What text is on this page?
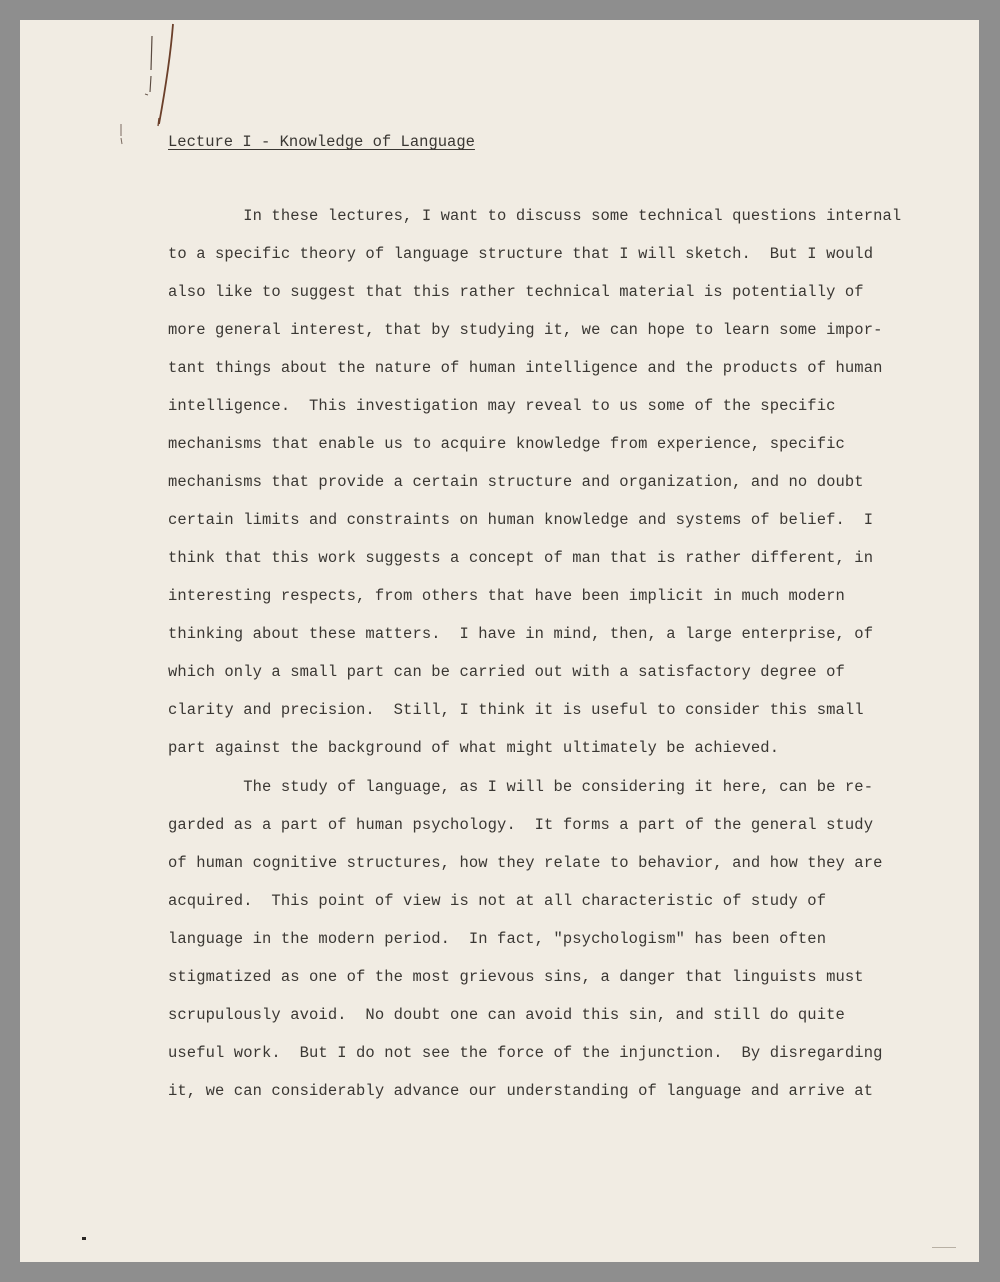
Lecture I - Knowledge of Language

In these lectures, I want to discuss some technical questions internal

to a specific theory of language structure that I will sketch.  But I would

also like to suggest that this rather technical material is potentially of

more general interest, that by studying it, we can hope to learn some impor-

tant things about the nature of human intelligence and the products of human

intelligence.  This investigation may reveal to us some of the specific

mechanisms that enable us to acquire knowledge from experience, specific

mechanisms that provide a certain structure and organization, and no doubt

certain limits and constraints on human knowledge and systems of belief.  I

think that this work suggests a concept of man that is rather different, in

interesting respects, from others that have been implicit in much modern

thinking about these matters.  I have in mind, then, a large enterprise, of

which only a small part can be carried out with a satisfactory degree of

clarity and precision.  Still, I think it is useful to consider this small

part against the background of what might ultimately be achieved.

The study of language, as I will be considering it here, can be re-

garded as a part of human psychology.  It forms a part of the general study

of human cognitive structures, how they relate to behavior, and how they are

acquired.  This point of view is not at all characteristic of study of

language in the modern period.  In fact, "psychologism" has been often

stigmatized as one of the most grievous sins, a danger that linguists must

scrupulously avoid.  No doubt one can avoid this sin, and still do quite

useful work.  But I do not see the force of the injunction.  By disregarding

it, we can considerably advance our understanding of language and arrive at
